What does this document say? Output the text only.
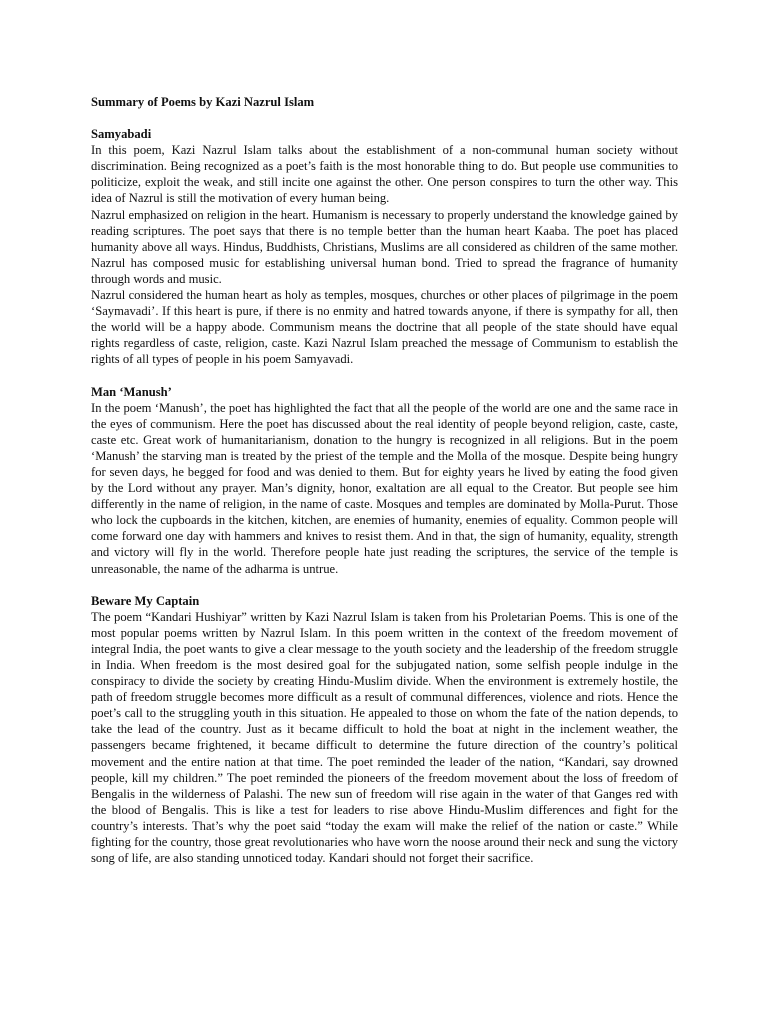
Summary of Poems by Kazi Nazrul Islam

Samyabadi

In this poem, Kazi Nazrul Islam talks about the establishment of a non-communal human society without discrimination. Being recognized as a poet’s faith is the most honorable thing to do. But people use communities to politicize, exploit the weak, and still incite one against the other. One person conspires to turn the other way. This idea of Nazrul is still the motivation of every human being.

Nazrul emphasized on religion in the heart. Humanism is necessary to properly understand the knowledge gained by reading scriptures. The poet says that there is no temple better than the human heart Kaaba. The poet has placed humanity above all ways. Hindus, Buddhists, Christians, Muslims are all considered as children of the same mother. Nazrul has composed music for establishing universal human bond. Tried to spread the fragrance of humanity through words and music.

Nazrul considered the human heart as holy as temples, mosques, churches or other places of pilgrimage in the poem ‘Saymavadi’. If this heart is pure, if there is no enmity and hatred towards anyone, if there is sympathy for all, then the world will be a happy abode. Communism means the doctrine that all people of the state should have equal rights regardless of caste, religion, caste. Kazi Nazrul Islam preached the message of Communism to establish the rights of all types of people in his poem Samyavadi.

Man ‘Manush’

In the poem ‘Manush’, the poet has highlighted the fact that all the people of the world are one and the same race in the eyes of communism. Here the poet has discussed about the real identity of people beyond religion, caste, caste, caste etc. Great work of humanitarianism, donation to the hungry is recognized in all religions. But in the poem ‘Manush’ the starving man is treated by the priest of the temple and the Molla of the mosque. Despite being hungry for seven days, he begged for food and was denied to them. But for eighty years he lived by eating the food given by the Lord without any prayer. Man’s dignity, honor, exaltation are all equal to the Creator. But people see him differently in the name of religion, in the name of caste. Mosques and temples are dominated by Molla-Purut. Those who lock the cupboards in the kitchen, kitchen, are enemies of humanity, enemies of equality. Common people will come forward one day with hammers and knives to resist them. And in that, the sign of humanity, equality, strength and victory will fly in the world. Therefore people hate just reading the scriptures, the service of the temple is unreasonable, the name of the adharma is untrue.

Beware My Captain

The poem “Kandari Hushiyar” written by Kazi Nazrul Islam is taken from his Proletarian Poems. This is one of the most popular poems written by Nazrul Islam. In this poem written in the context of the freedom movement of integral India, the poet wants to give a clear message to the youth society and the leadership of the freedom struggle in India. When freedom is the most desired goal for the subjugated nation, some selfish people indulge in the conspiracy to divide the society by creating Hindu-Muslim divide. When the environment is extremely hostile, the path of freedom struggle becomes more difficult as a result of communal differences, violence and riots. Hence the poet’s call to the struggling youth in this situation. He appealed to those on whom the fate of the nation depends, to take the lead of the country. Just as it became difficult to hold the boat at night in the inclement weather, the passengers became frightened, it became difficult to determine the future direction of the country’s political movement and the entire nation at that time. The poet reminded the leader of the nation, “Kandari, say drowned people, kill my children.” The poet reminded the pioneers of the freedom movement about the loss of freedom of Bengalis in the wilderness of Palashi. The new sun of freedom will rise again in the water of that Ganges red with the blood of Bengalis. This is like a test for leaders to rise above Hindu-Muslim differences and fight for the country’s interests. That’s why the poet said “today the exam will make the relief of the nation or caste.” While fighting for the country, those great revolutionaries who have worn the noose around their neck and sung the victory song of life, are also standing unnoticed today. Kandari should not forget their sacrifice.
